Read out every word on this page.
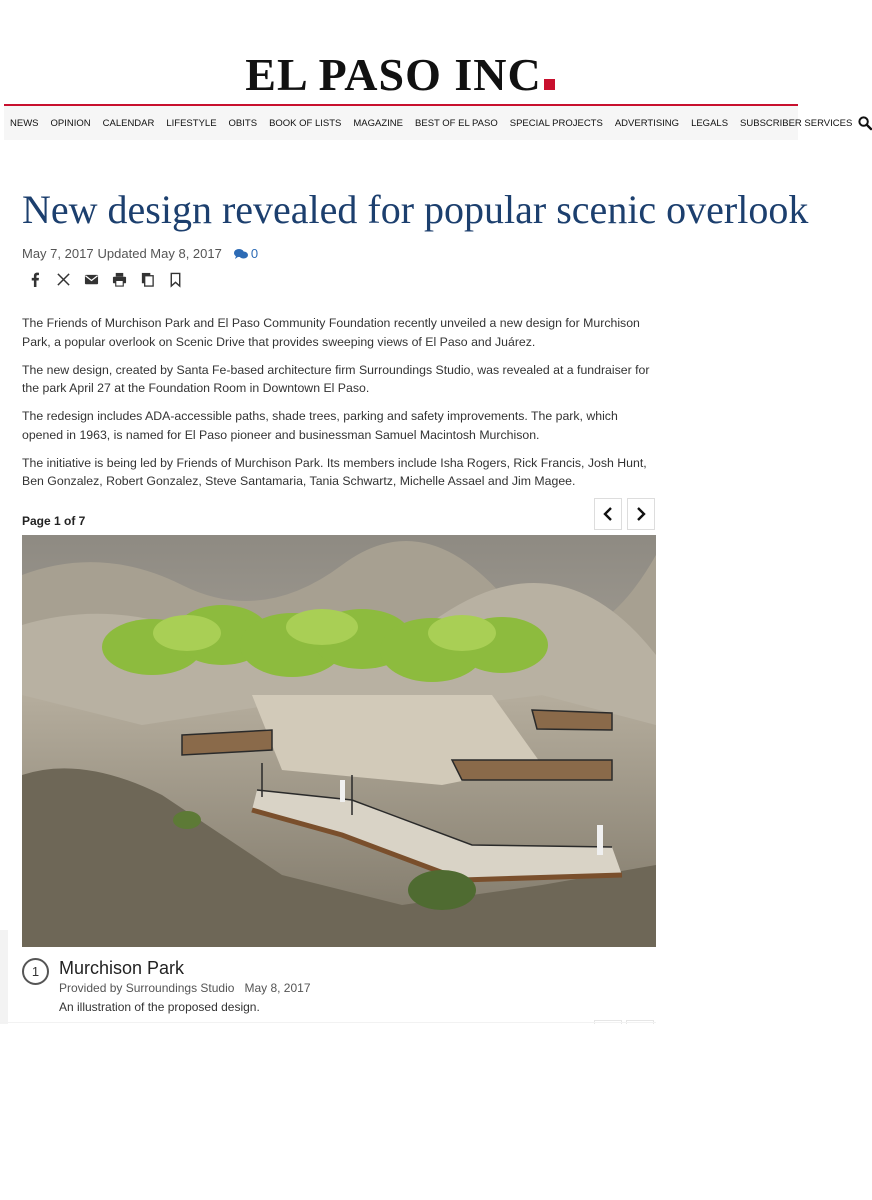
EL PASO INC
NEWS	OPINION	CALENDAR	LIFESTYLE	OBITS	BOOK OF LISTS	MAGAZINE	BEST OF EL PASO	SPECIAL PROJECTS	ADVERTISING	LEGALS	SUBSCRIBER SERVICES
New design revealed for popular scenic overlook
May 7, 2017 Updated May 8, 2017 0

The Friends of Murchison Park and El Paso Community Foundation recently unveiled a new design for Murchison Park, a popular overlook on Scenic Drive that provides sweeping views of El Paso and Juárez.

The new design, created by Santa Fe-based architecture firm Surroundings Studio, was revealed at a fundraiser for the park April 27 at the Foundation Room in Downtown El Paso.

The redesign includes ADA-accessible paths, shade trees, parking and safety improvements. The park, which opened in 1963, is named for El Paso pioneer and businessman Samuel Macintosh Murchison.

The initiative is being led by Friends of Murchison Park. Its members include Isha Rogers, Rick Francis, Josh Hunt, Ben Gonzalez, Robert Gonzalez, Steve Santamaria, Tania Schwartz, Michelle Assael and Jim Magee.

Page 1 of 7
1	Murchison Park
Provided by Surroundings Studio May 8, 2017
An illustration of the proposed design.
